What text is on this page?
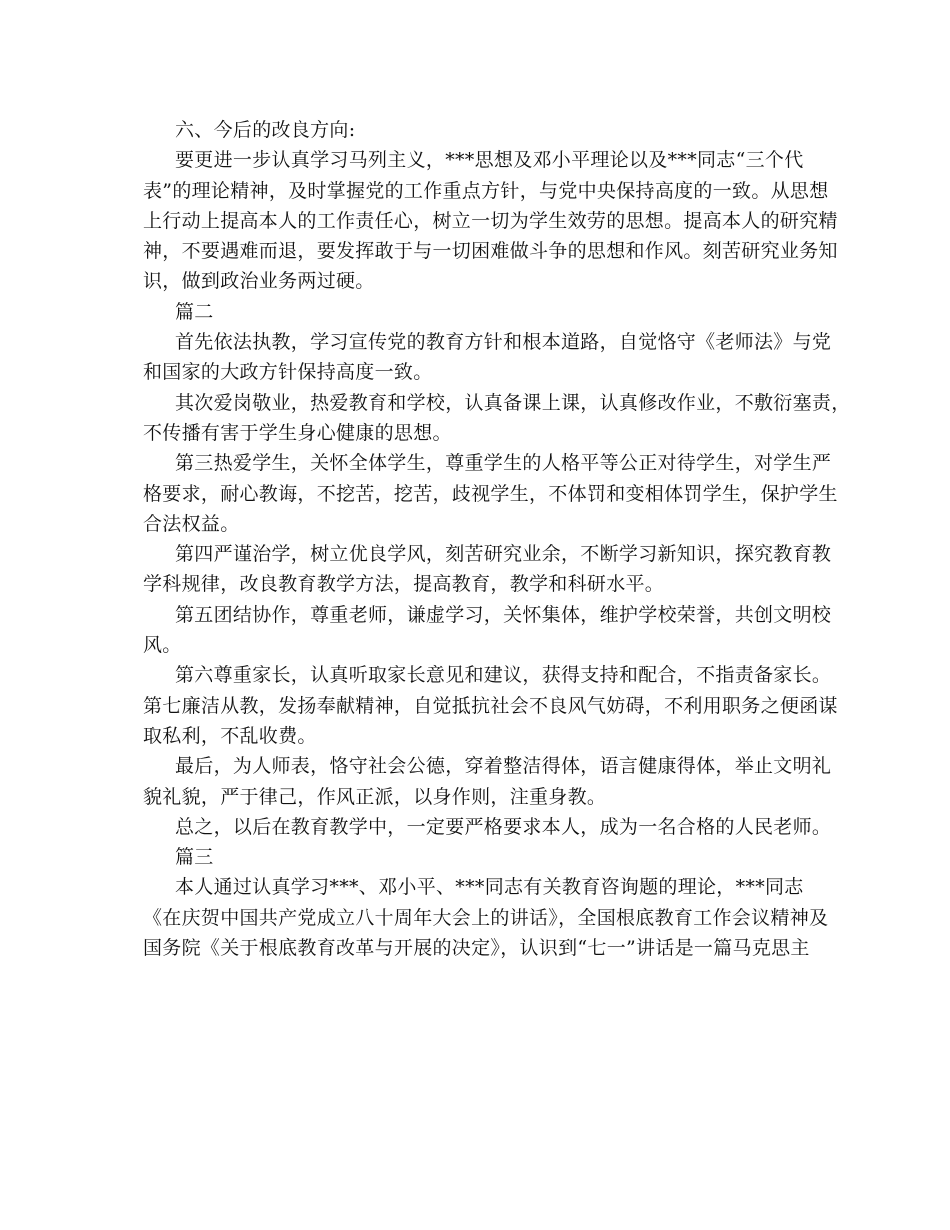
六、今后的改良方向:
要更进一步认真学习马列主义，***思想及邓小平理论以及***同志“三个代
表”的理论精神，及时掌握党的工作重点方针，与党中央保持高度的一致。从思想
上行动上提高本人的工作责任心，树立一切为学生效劳的思想。提高本人的研究精
神，不要遇难而退，要发挥敢于与一切困难做斗争的思想和作风。刻苦研究业务知
识，做到政治业务两过硬。
篇二
首先依法执教，学习宣传党的教育方针和根本道路，自觉恪守《老师法》与党
和国家的大政方针保持高度一致。
其次爱岗敬业，热爱教育和学校，认真备课上课，认真修改作业，不敷衍塞责，
不传播有害于学生身心健康的思想。
第三热爱学生，关怀全体学生，尊重学生的人格平等公正对待学生，对学生严
格要求，耐心教诲，不挖苦，挖苦，歧视学生，不体罚和变相体罚学生，保护学生
合法权益。
第四严谨治学，树立优良学风，刻苦研究业余，不断学习新知识，探究教育教
学科规律，改良教育教学方法，提高教育，教学和科研水平。
第五团结协作，尊重老师，谦虚学习，关怀集体，维护学校荣誉，共创文明校
风。
第六尊重家长，认真听取家长意见和建议，获得支持和配合，不指责备家长。
第七廉洁从教，发扬奉献精神，自觉抵抗社会不良风气妨碍，不利用职务之便函谋
取私利，不乱收费。
最后，为人师表，恪守社会公德，穿着整洁得体，语言健康得体，举止文明礼
貌礼貌，严于律己，作风正派，以身作则，注重身教。
总之，以后在教育教学中，一定要严格要求本人，成为一名合格的人民老师。
篇三
本人通过认真学习***、邓小平、***同志有关教育咨询题的理论，***同志
《在庆贺中国共产党成立八十周年大会上的讲话》，全国根底教育工作会议精神及
国务院《关于根底教育改革与开展的决定》，认识到“七一”讲话是一篇马克思主
